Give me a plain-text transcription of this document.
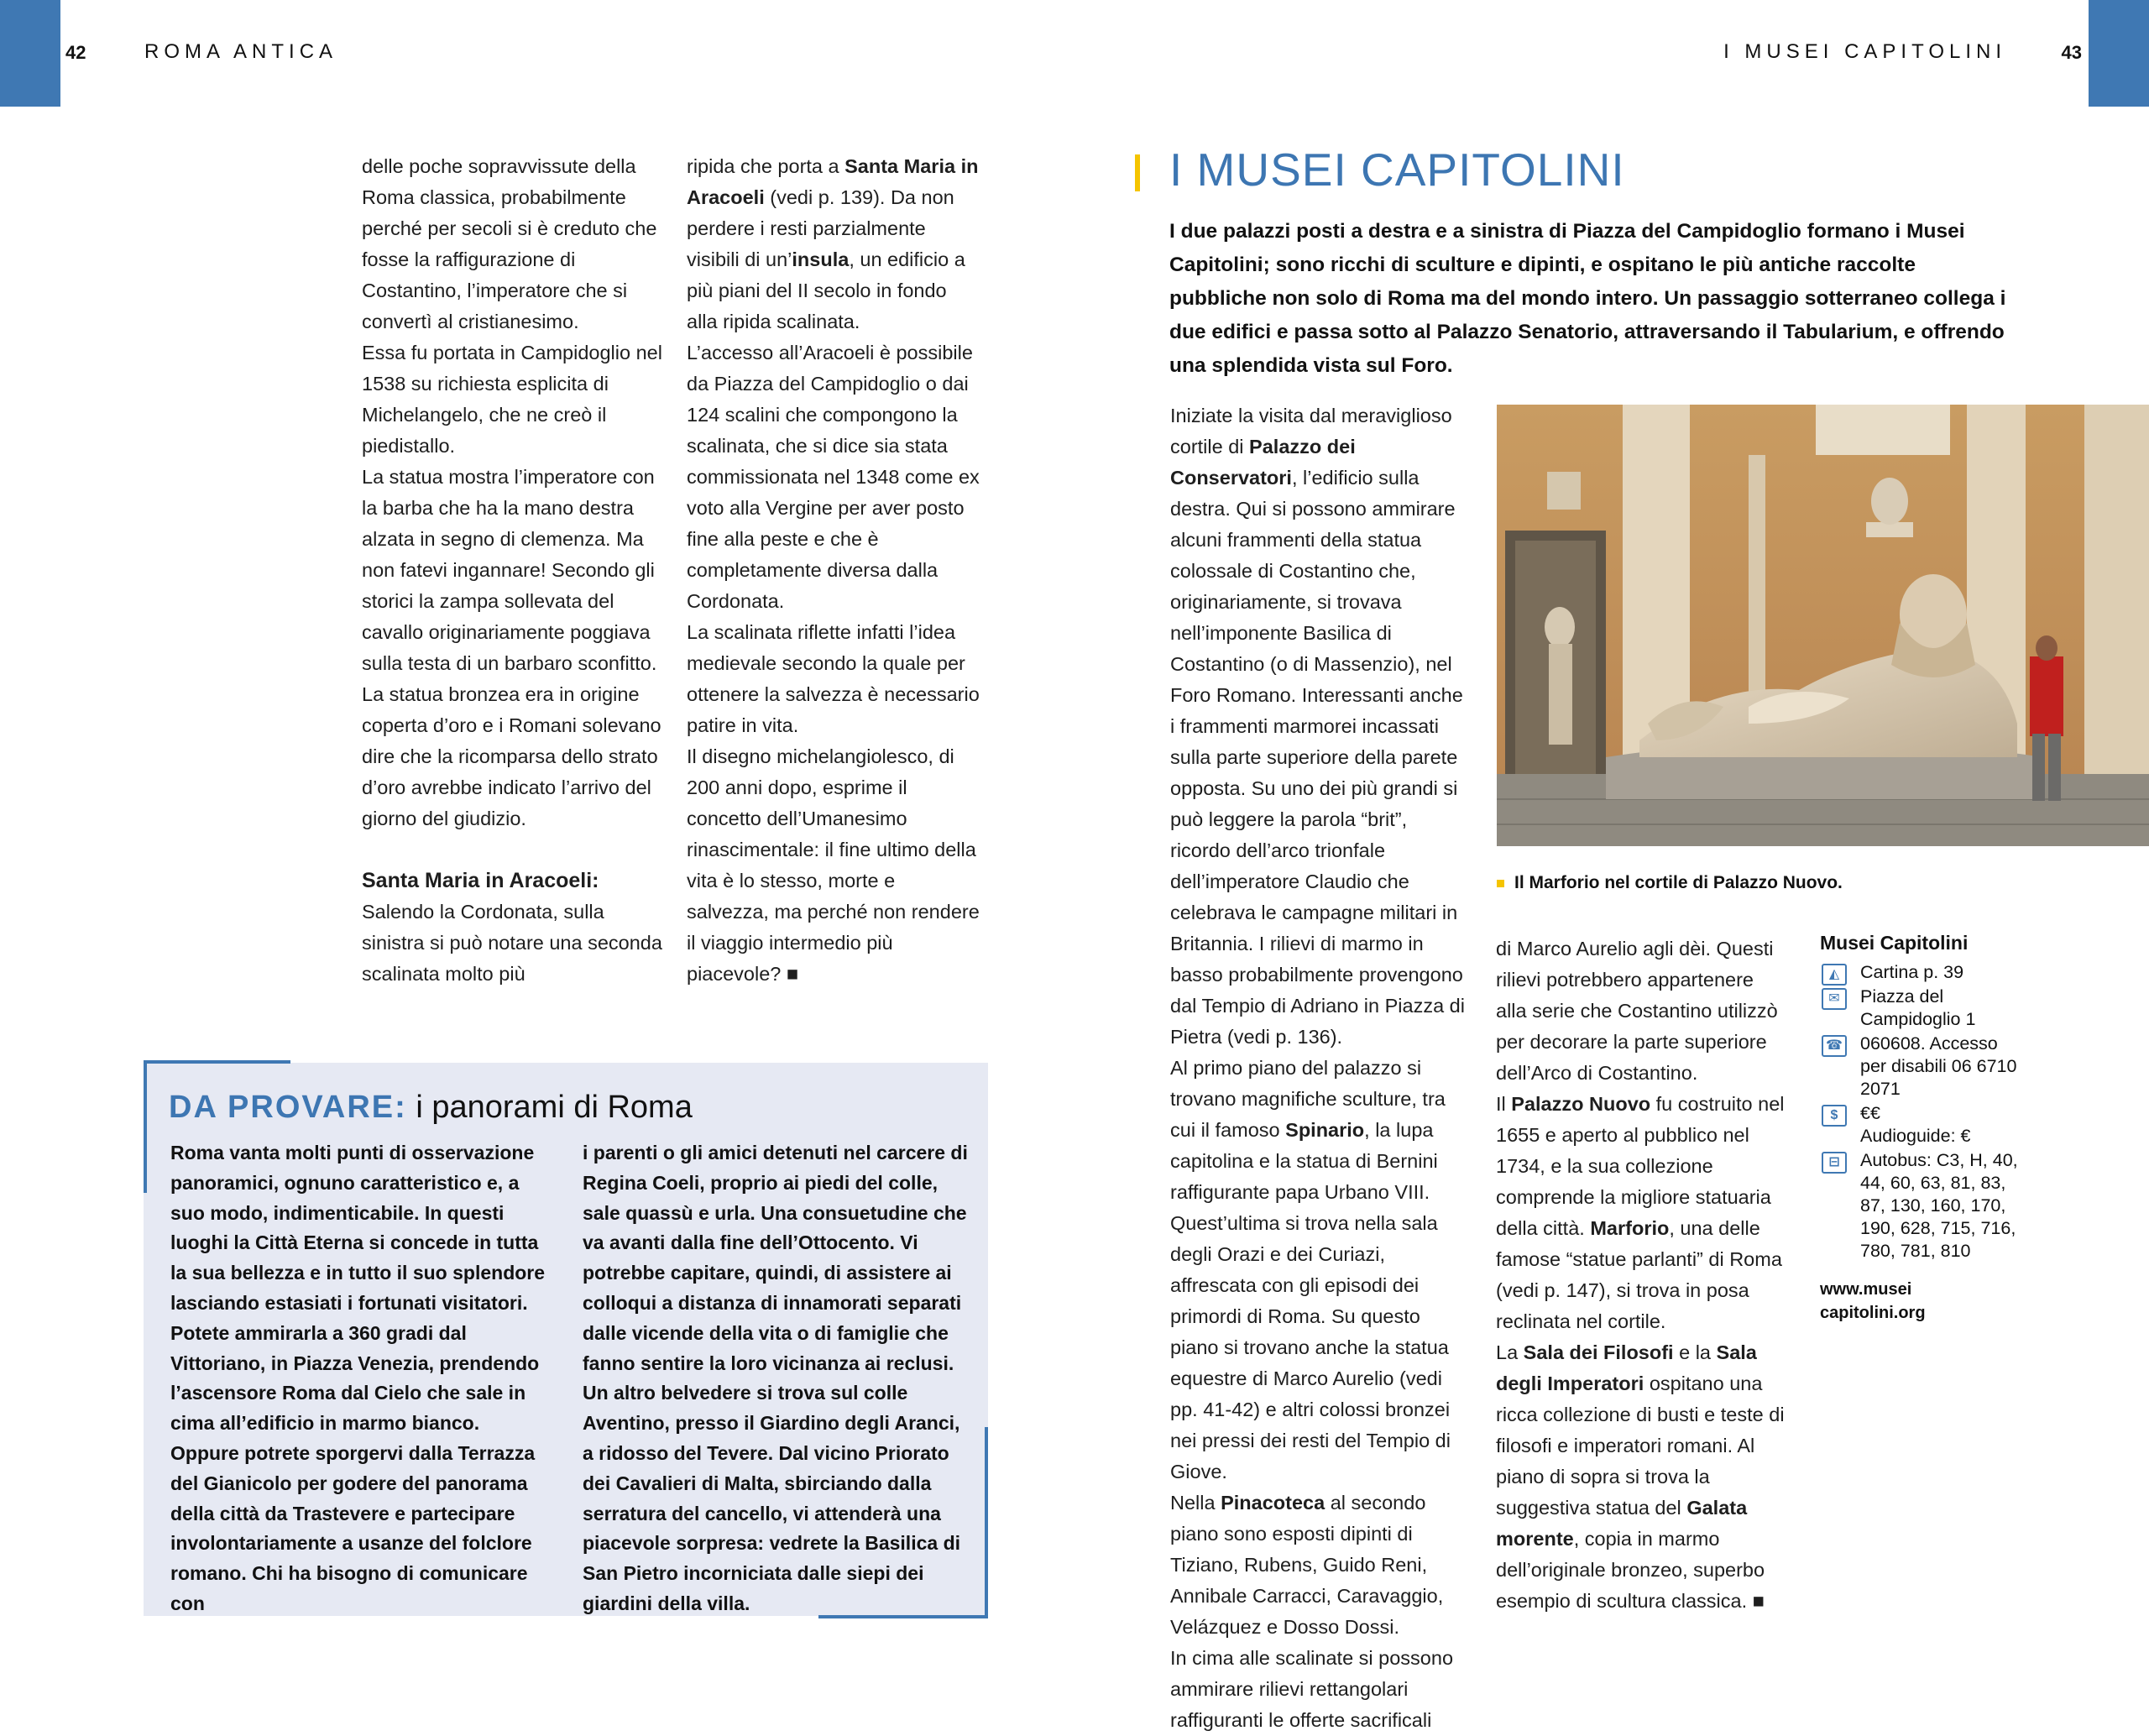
42	ROMA ANTICA	I MUSEI CAPITOLINI	43

delle poche sopravvissute della Roma classica, probabilmente perché per secoli si è creduto che fosse la raffigurazione di Costantino, l’imperatore che si convertì al cristianesimo.

Essa fu portata in Campidoglio nel 1538 su richiesta esplicita di Michelangelo, che ne creò il piedistallo.

La statua mostra l’imperatore con la barba che ha la mano destra alzata in segno di clemenza. Ma non fatevi ingannare! Secondo gli storici la zampa sollevata del cavallo originariamente poggiava sulla testa di un barbaro sconfitto. La statua bronzea era in origine coperta d’oro e i Romani solevano dire che la ricomparsa dello strato d’oro avrebbe indicato l’arrivo del giorno del giudizio.

Santa Maria in Aracoeli:

Salendo la Cordonata, sulla sinistra si può notare una seconda scalinata molto più

ripida che porta a Santa Maria in Aracoeli (vedi p. 139). Da non perdere i resti parzialmente visibili di un’insula, un edificio a più piani del II secolo in fondo alla ripida scalinata.

L’accesso all’Aracoeli è possibile da Piazza del Campidoglio o dai 124 scalini che compongono la scalinata, che si dice sia stata commissionata nel 1348 come ex voto alla Vergine per aver posto fine alla peste e che è completamente diversa dalla Cordonata.

La scalinata riflette infatti l’idea medievale secondo la quale per ottenere la salvezza è necessario patire in vita.

Il disegno michelangiolesco, di 200 anni dopo, esprime il concetto dell’Umanesimo rinascimentale: il fine ultimo della vita è lo stesso, morte e salvezza, ma perché non rendere il viaggio intermedio più piacevole? ■

DA PROVARE: i panorami di Roma

Roma vanta molti punti di osservazione panoramici, ognuno caratteristico e, a suo modo, indimenticabile. In questi luoghi la Città Eterna si concede in tutta la sua bellezza e in tutto il suo splendore lasciando estasiati i fortunati visitatori.

Potete ammirarla a 360 gradi dal Vittoriano, in Piazza Venezia, prendendo l’ascensore Roma dal Cielo che sale in cima all’edificio in marmo bianco.

Oppure potrete sporgervi dalla Terrazza del Gianicolo per godere del panorama della città da Trastevere e partecipare involontariamente a usanze del folclore romano. Chi ha bisogno di comunicare con

i parenti o gli amici detenuti nel carcere di Regina Coeli, proprio ai piedi del colle, sale quassù e urla. Una consuetudine che va avanti dalla fine dell’Ottocento. Vi potrebbe capitare, quindi, di assistere ai colloqui a distanza di innamorati separati dalle vicende della vita o di famiglie che fanno sentire la loro vicinanza ai reclusi.

Un altro belvedere si trova sul colle Aventino, presso il Giardino degli Aranci, a ridosso del Tevere. Dal vicino Priorato dei Cavalieri di Malta, sbirciando dalla serratura del cancello, vi attenderà una piacevole sorpresa: vedrete la Basilica di San Pietro incorniciata dalle siepi dei giardini della villa.

I MUSEI CAPITOLINI

I due palazzi posti a destra e a sinistra di Piazza del Campidoglio formano i Musei Capitolini; sono ricchi di sculture e dipinti, e ospitano le più antiche raccolte pubbliche non solo di Roma ma del mondo intero. Un passaggio sotterraneo collega i due edifici e passa sotto al Palazzo Senatorio, attraversando il Tabularium, e offrendo una splendida vista sul Foro.

Il Marforio nel cortile di Palazzo Nuovo.

Iniziate la visita dal meraviglioso cortile di Palazzo dei Conservatori, l’edificio sulla destra. Qui si possono ammirare alcuni frammenti della statua colossale di Costantino che, originariamente, si trovava nell’imponente Basilica di Costantino (o di Massenzio), nel Foro Romano. Interessanti anche i frammenti marmorei incassati sulla parte superiore della parete opposta. Su uno dei più grandi si può leggere la parola “brit”, ricordo dell’arco trionfale dell’imperatore Claudio che celebrava le campagne militari in Britannia. I rilievi di marmo in basso probabilmente provengono dal Tempio di Adriano in Piazza di Pietra (vedi p. 136).

Al primo piano del palazzo si trovano magnifiche sculture, tra cui il famoso Spinario, la lupa capitolina e la statua di Bernini raffigurante papa Urbano VIII. Quest’ultima si trova nella sala degli Orazi e dei Curiazi, affrescata con gli episodi dei primordi di Roma. Su questo piano si trovano anche la statua equestre di Marco Aurelio (vedi pp. 41-42) e altri colossi bronzei nei pressi dei resti del Tempio di Giove.

Nella Pinacoteca al secondo piano sono esposti dipinti di Tiziano, Rubens, Guido Reni, Annibale Carracci, Caravaggio, Velázquez e Dosso Dossi.

In cima alle scalinate si possono ammirare rilievi rettangolari raffiguranti le offerte sacrificali

di Marco Aurelio agli dèi. Questi rilievi potrebbero appartenere alla serie che Costantino utilizzò per decorare la parte superiore dell’Arco di Costantino.

Il Palazzo Nuovo fu costruito nel 1655 e aperto al pubblico nel 1734, e la sua collezione comprende la migliore statuaria della città. Marforio, una delle famose “statue parlanti” di Roma (vedi p. 147), si trova in posa reclinata nel cortile.

La Sala dei Filosofi e la Sala degli Imperatori ospitano una ricca collezione di busti e teste di filosofi e imperatori romani. Al piano di sopra si trova la suggestiva statua del Galata morente, copia in marmo dell’originale bronzeo, superbo esempio di scultura classica. ■

Musei Capitolini
◭	Cartina p. 39
✉	Piazza del Campidoglio 1
☎ 060608. Accesso per disabili 06 6710 2071
$	€€
Audioguide: €
⊟	Autobus: C3, H, 40, 44, 60, 63, 81, 83, 87, 130, 160, 170, 190, 628, 715, 716, 780, 781, 810
www.musei
capitolini.org
